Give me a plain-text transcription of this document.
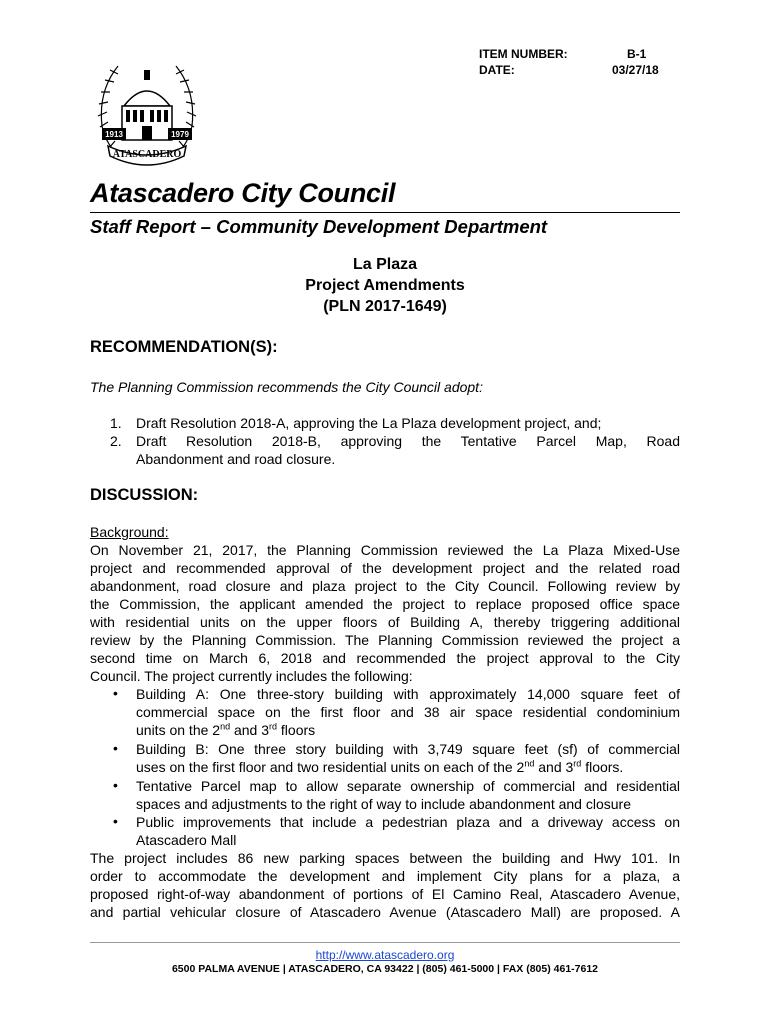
ITEM NUMBER:	B-1
DATE:	03/27/18
1913	1979
ATASCADERO
Atascadero City Council
Staff Report – Community Development Department
La Plaza
Project Amendments
(PLN 2017-1649)
RECOMMENDATION(S):
The Planning Commission recommends the City Council adopt:
1.	Draft Resolution 2018-A, approving the La Plaza development project, and;
2.	Draft Resolution 2018-B, approving the Tentative Parcel Map, Road
Abandonment and road closure.
DISCUSSION:
Background:
On November 21, 2017, the Planning Commission reviewed the La Plaza Mixed-Use
project and recommended approval of the development project and the related road
abandonment, road closure and plaza project to the City Council. Following review by
the Commission, the applicant amended the project to replace proposed office space
with residential units on the upper floors of Building A, thereby triggering additional
review by the Planning Commission. The Planning Commission reviewed the project a
second time on March 6, 2018 and recommended the project approval to the City
Council. The project currently includes the following:
• Building A: One three-story building with approximately 14,000 square feet of
commercial space on the first floor and 38 air space residential condominium
units on the 2nd and 3rd floors
• Building B: One three story building with 3,749 square feet (sf) of commercial
uses on the first floor and two residential units on each of the 2nd and 3rd floors.
• Tentative Parcel map to allow separate ownership of commercial and residential
spaces and adjustments to the right of way to include abandonment and closure
• Public improvements that include a pedestrian plaza and a driveway access on
Atascadero Mall
The project includes 86 new parking spaces between the building and Hwy 101. In
order to accommodate the development and implement City plans for a plaza, a
proposed right-of-way abandonment of portions of El Camino Real, Atascadero Avenue,
and partial vehicular closure of Atascadero Avenue (Atascadero Mall) are proposed. A
http://www.atascadero.org
6500 PALMA AVENUE | ATASCADERO, CA 93422 | (805) 461-5000 | FAX (805) 461-7612
